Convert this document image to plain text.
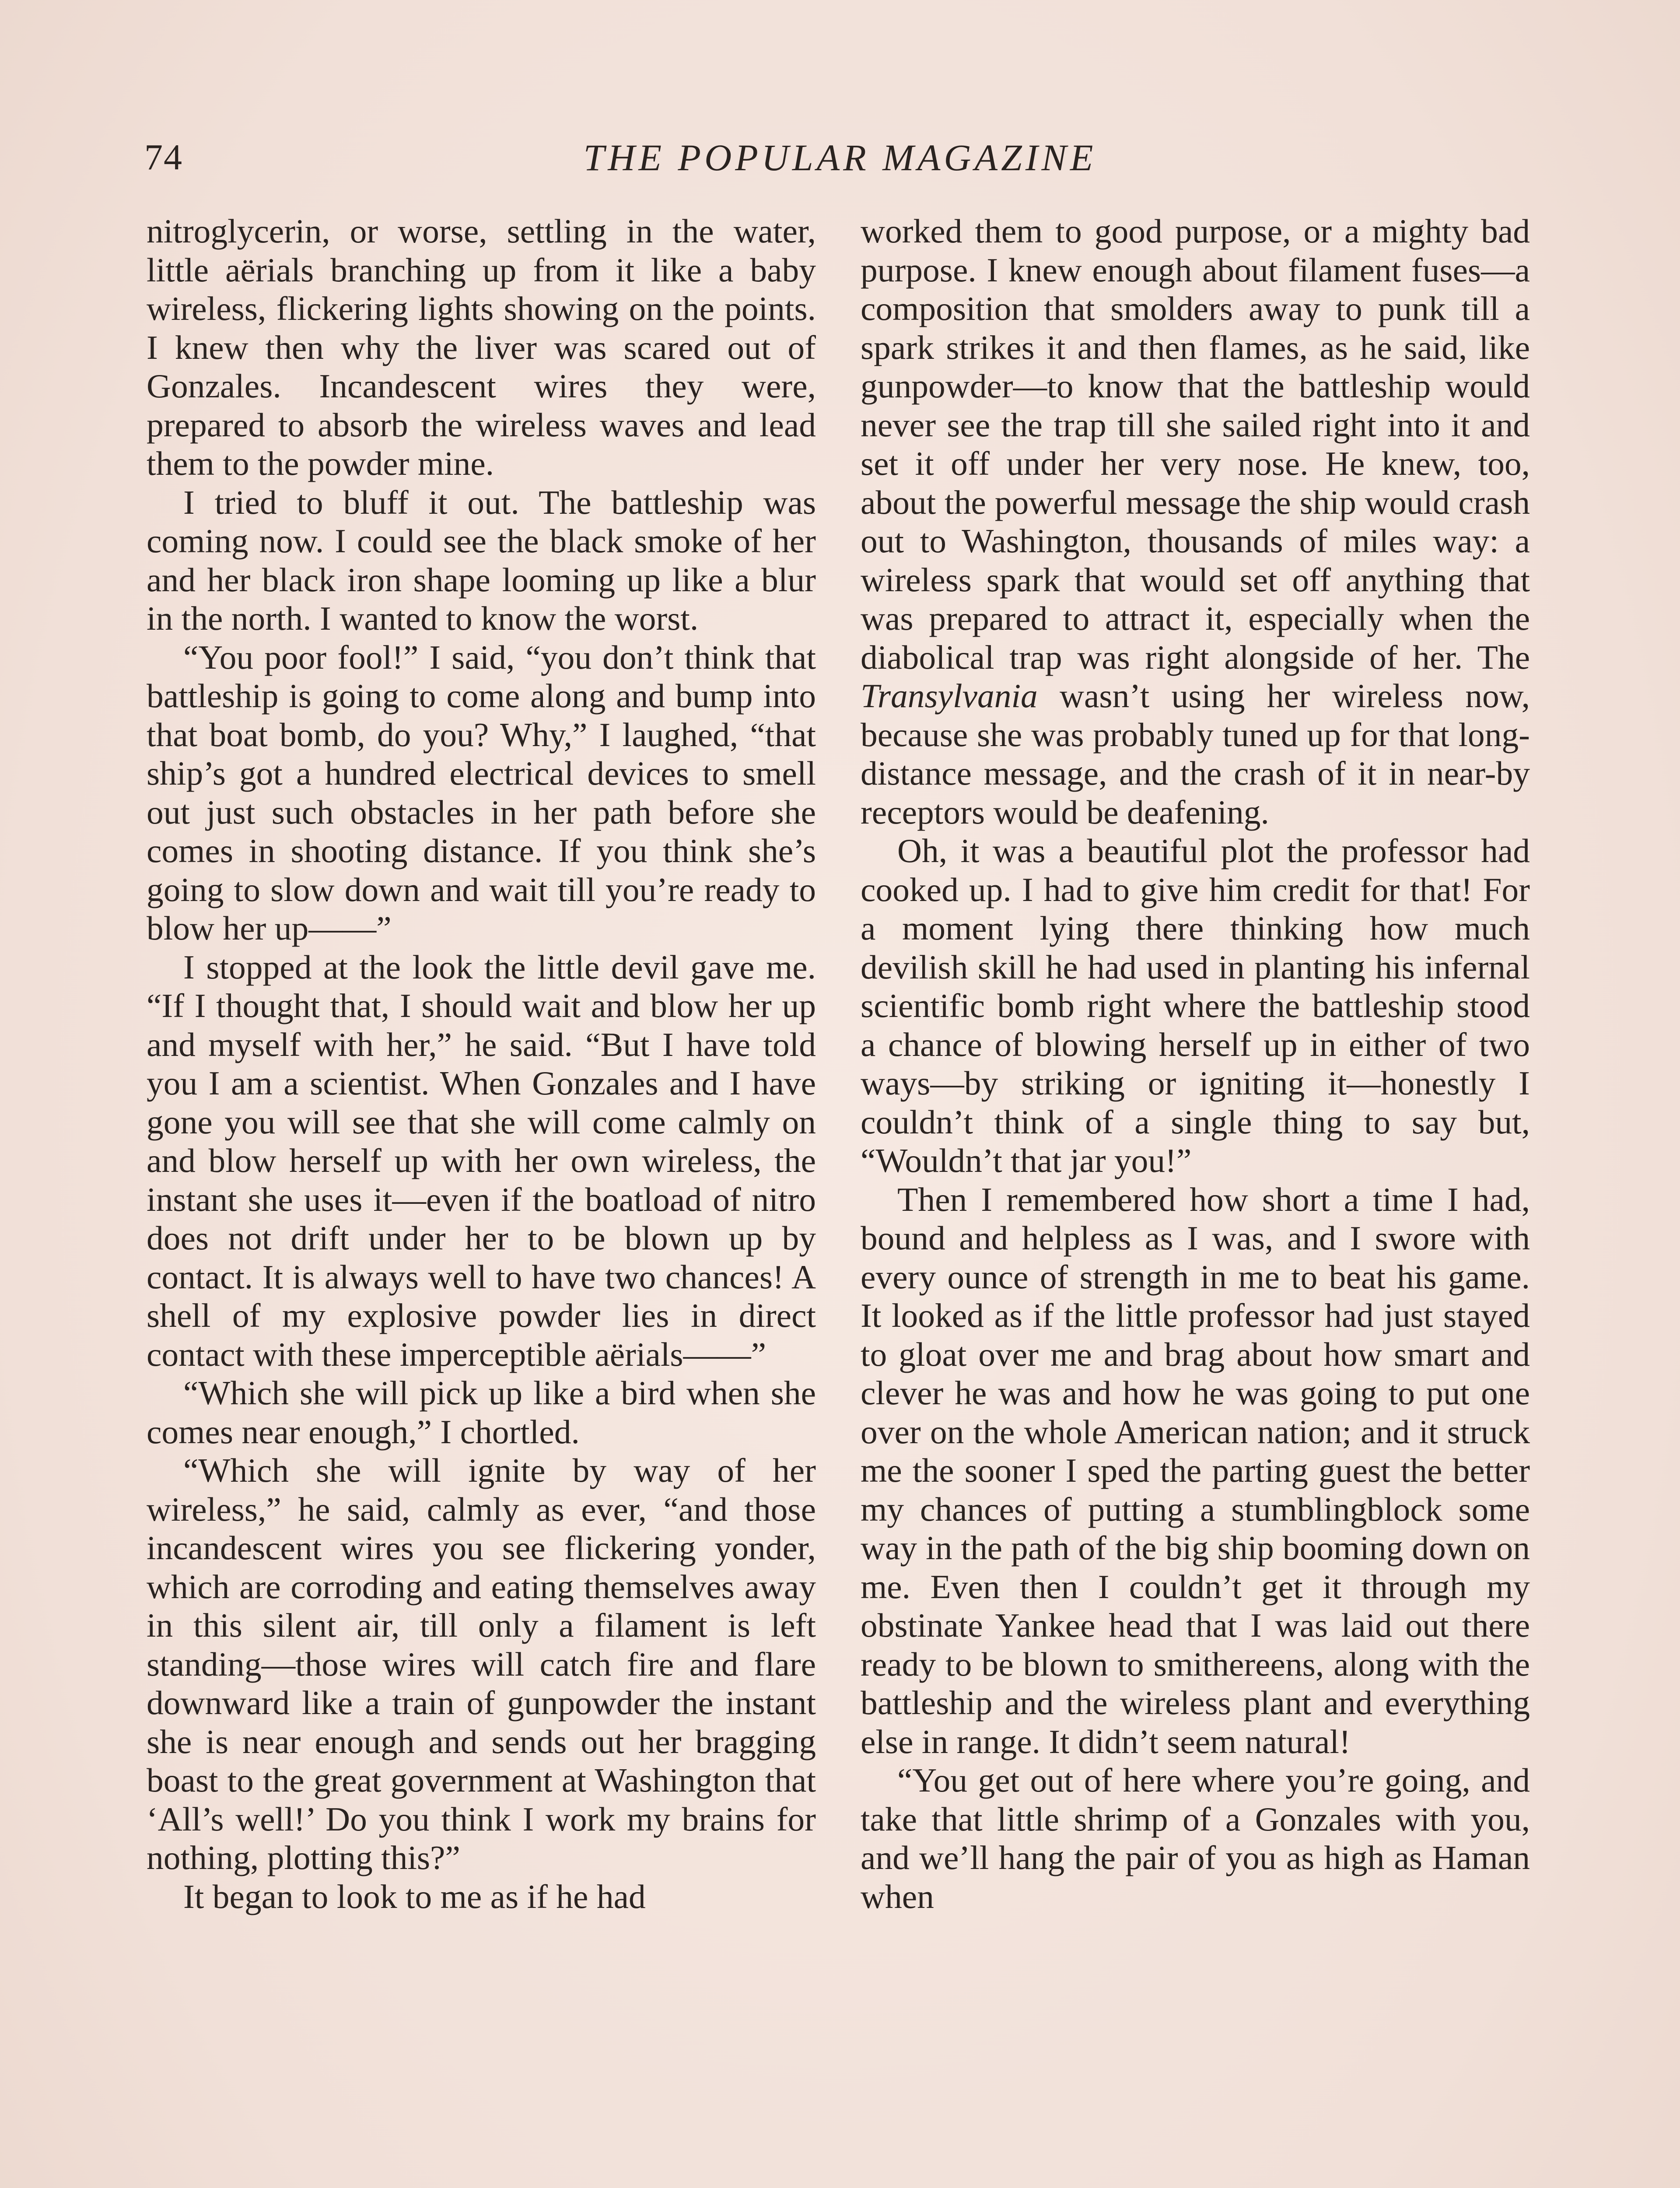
74	THE POPULAR MAGAZINE

nitroglycerin, or worse, settling in the water, little aërials branching up from it like a baby wireless, flickering lights showing on the points. I knew then why the liver was scared out of Gonzales. Incandescent wires they were, prepared to absorb the wireless waves and lead them to the powder mine.

I tried to bluff it out. The battleship was coming now. I could see the black smoke of her and her black iron shape looming up like a blur in the north. I wanted to know the worst.

“You poor fool!” I said, “you don’t think that battleship is going to come along and bump into that boat bomb, do you? Why,” I laughed, “that ship’s got a hundred electrical devices to smell out just such obstacles in her path before she comes in shooting distance. If you think she’s going to slow down and wait till you’re ready to blow her up——”

I stopped at the look the little devil gave me. “If I thought that, I should wait and blow her up and myself with her,” he said. “But I have told you I am a scientist. When Gonzales and I have gone you will see that she will come calmly on and blow herself up with her own wireless, the instant she uses it—even if the boatload of nitro does not drift under her to be blown up by contact. It is always well to have two chances! A shell of my explosive powder lies in direct contact with these imperceptible aërials——”

“Which she will pick up like a bird when she comes near enough,” I chortled.

“Which she will ignite by way of her wireless,” he said, calmly as ever, “and those incandescent wires you see flickering yonder, which are corroding and eating themselves away in this silent air, till only a filament is left standing—those wires will catch fire and flare downward like a train of gunpowder the instant she is near enough and sends out her bragging boast to the great government at Washington that ‘All’s well!’ Do you think I work my brains for nothing, plotting this?”

It began to look to me as if he had

worked them to good purpose, or a mighty bad purpose. I knew enough about filament fuses—a composition that smolders away to punk till a spark strikes it and then flames, as he said, like gunpowder—to know that the battleship would never see the trap till she sailed right into it and set it off under her very nose. He knew, too, about the powerful message the ship would crash out to Washington, thousands of miles way: a wireless spark that would set off anything that was prepared to attract it, especially when the diabolical trap was right alongside of her. The Transylvania wasn’t using her wireless now, because she was probably tuned up for that long-distance message, and the crash of it in near-by receptors would be deafening.

Oh, it was a beautiful plot the professor had cooked up. I had to give him credit for that! For a moment lying there thinking how much devilish skill he had used in planting his infernal scientific bomb right where the battleship stood a chance of blowing herself up in either of two ways—by striking or igniting it—honestly I couldn’t think of a single thing to say but, “Wouldn’t that jar you!”

Then I remembered how short a time I had, bound and helpless as I was, and I swore with every ounce of strength in me to beat his game. It looked as if the little professor had just stayed to gloat over me and brag about how smart and clever he was and how he was going to put one over on the whole American nation; and it struck me the sooner I sped the parting guest the better my chances of putting a stumblingblock some way in the path of the big ship booming down on me. Even then I couldn’t get it through my obstinate Yankee head that I was laid out there ready to be blown to smithereens, along with the battleship and the wireless plant and everything else in range. It didn’t seem natural!

“You get out of here where you’re going, and take that little shrimp of a Gonzales with you, and we’ll hang the pair of you as high as Haman when
